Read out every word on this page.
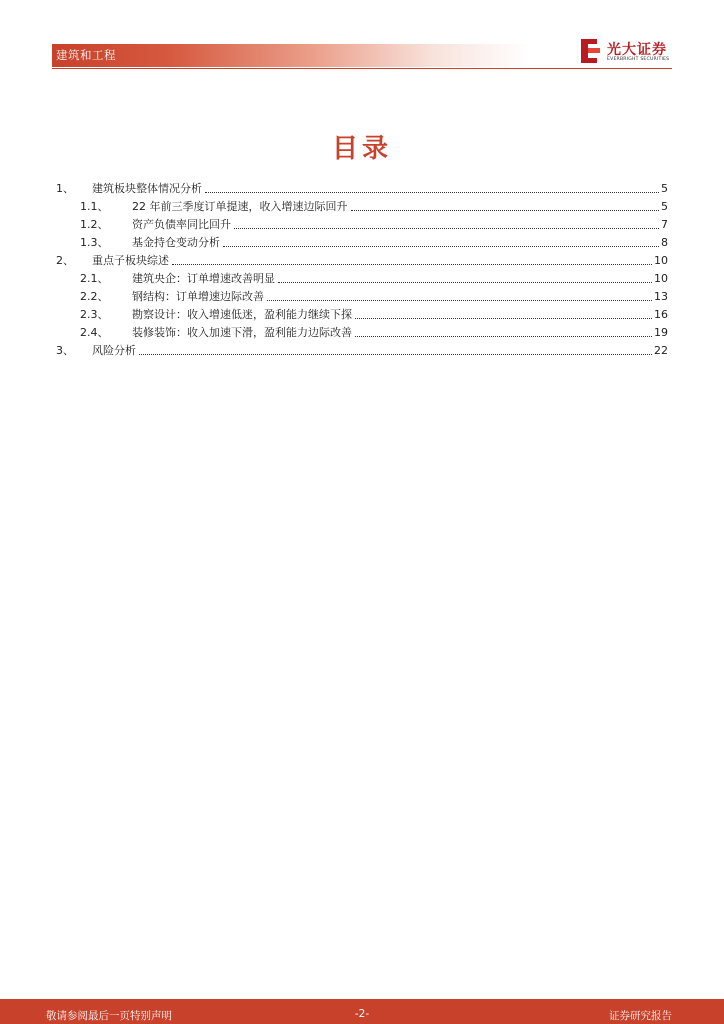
建筑和工程	光大证券
EVERBRIGHT SECURITIES
目录
1、	建筑板块整体情况分析	5
1.1、 22 年前三季度订单提速，收入增速边际回升	5
1.2、 资产负债率同比回升	7
1.3、 基金持仓变动分析	8
2、	重点子板块综述	10
2.1、 建筑央企：订单增速改善明显	10
2.2、 钢结构：订单增速边际改善	13
2.3、 勘察设计：收入增速低迷，盈利能力继续下探	16
2.4、 装修装饰：收入加速下滑，盈利能力边际改善	19
3、	风险分析	22
敬请参阅最后一页特别声明	-2-	证券研究报告
